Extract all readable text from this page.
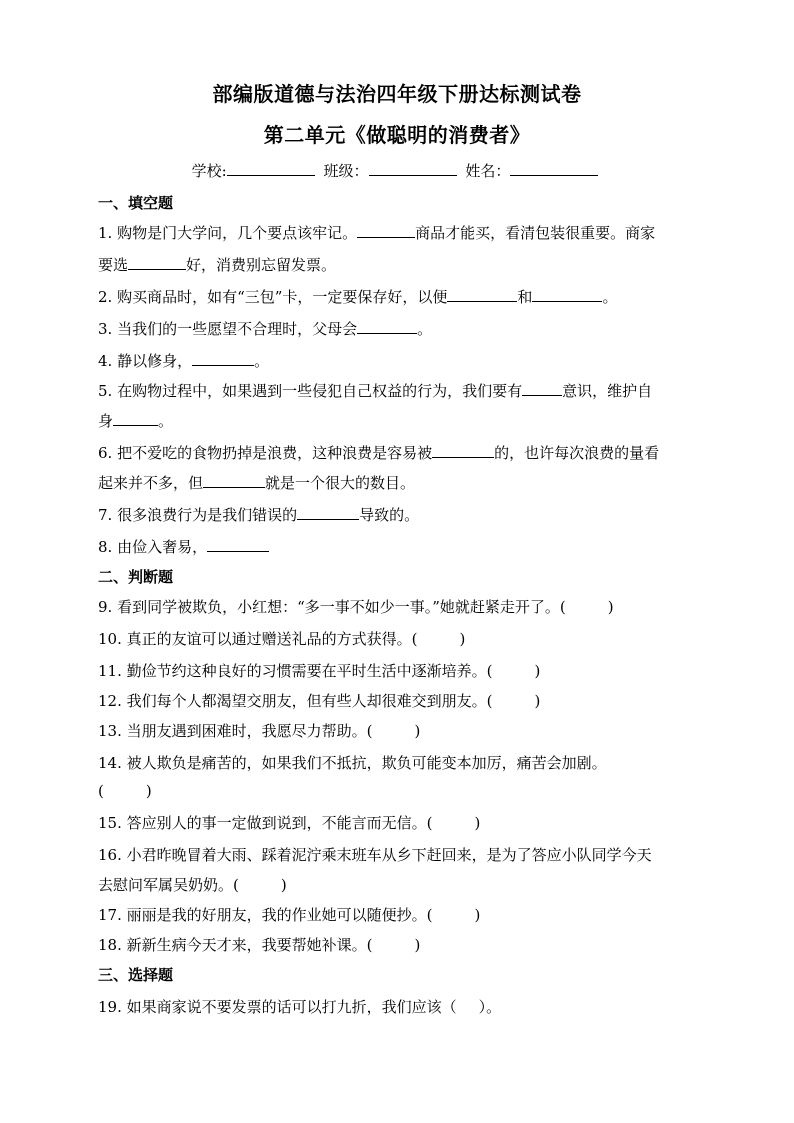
部编版道德与法治四年级下册达标测试卷
第二单元《做聪明的消费者》
学校:	班级：	姓名：
一、填空题
1. 购物是门大学问，几个要点该牢记。	商品才能买，看清包装很重要。商家
要选	好，消费别忘留发票。
2. 购买商品时，如有“三包”卡，一定要保存好，以便	和	。
3. 当我们的一些愿望不合理时，父母会	。
4. 静以修身，	。
5. 在购物过程中，如果遇到一些侵犯自己权益的行为，我们要有	意识，维护自
身	。
6. 把不爱吃的食物扔掉是浪费，这种浪费是容易被	的，也许每次浪费的量看
起来并不多，但	就是一个很大的数目。
7. 很多浪费行为是我们错误的	导致的。
8. 由俭入奢易，
二、判断题
9. 看到同学被欺负，小红想：“多一事不如少一事。”她就赶紧走开了。(	)
10. 真正的友谊可以通过赠送礼品的方式获得。(	)
11. 勤俭节约这种良好的习惯需要在平时生活中逐渐培养。(	)
12. 我们每个人都渴望交朋友，但有些人却很难交到朋友。(	)
13. 当朋友遇到困难时，我愿尽力帮助。(	)
14. 被人欺负是痛苦的，如果我们不抵抗，欺负可能变本加厉，痛苦会加剧。
(	)
15. 答应别人的事一定做到说到，不能言而无信。(	)
16. 小君昨晚冒着大雨、踩着泥泞乘末班车从乡下赶回来，是为了答应小队同学今天
去慰问军属吴奶奶。(	)
17. 丽丽是我的好朋友，我的作业她可以随便抄。(	)
18. 新新生病今天才来，我要帮她补课。(	)
三、选择题
19. 如果商家说不要发票的话可以打九折，我们应该（ ）。
